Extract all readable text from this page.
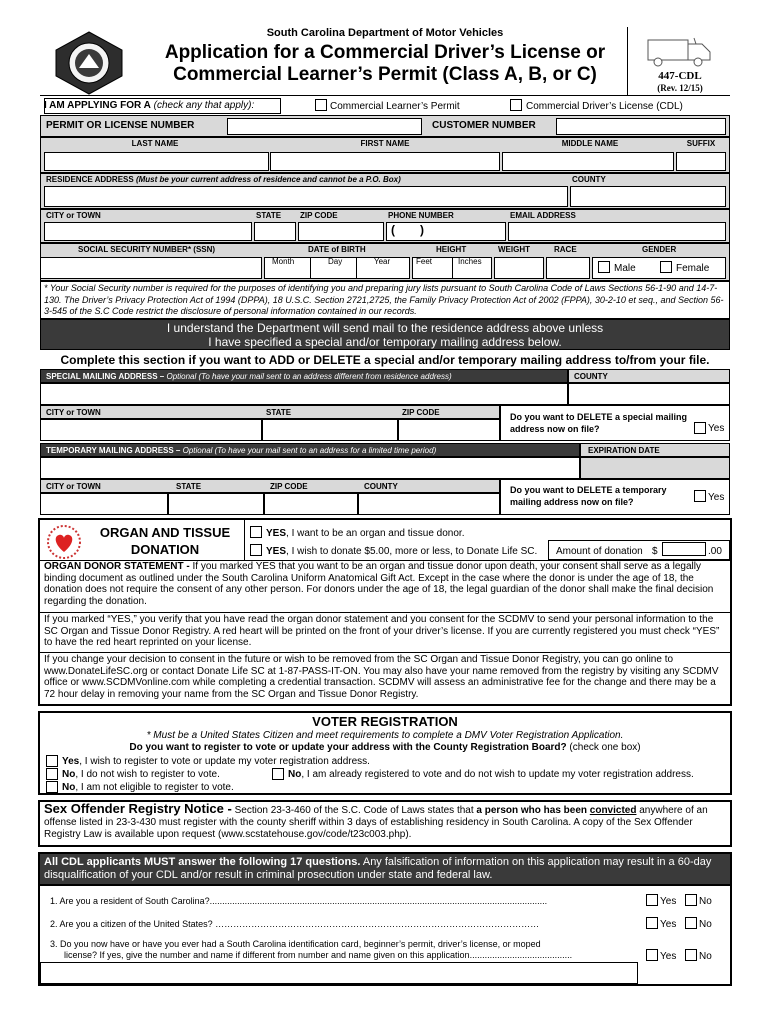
South Carolina Department of Motor Vehicles
Application for a Commercial Driver’s License or
Commercial Learner’s Permit (Class A, B, or C)	447-CDL
(Rev. 12/15)
I AM APPLYING FOR A (check any that apply):	Commercial Learner’s Permit	Commercial Driver’s License (CDL)
PERMIT OR LICENSE NUMBER	CUSTOMER NUMBER
LAST NAME	FIRST NAME	MIDDLE NAME	SUFFIX
RESIDENCE ADDRESS (Must be your current address of residence and cannot be a P.O. Box)	COUNTY
CITY or TOWN	STATE ZIP CODE	PHONE NUMBER	EMAIL ADDRESS
( )
SOCIAL SECURITY NUMBER* (SSN)	DATE of BIRTH	HEIGHT	WEIGHT	RACE	GENDER
Month	Day	Year	Feet	Inches
Male	Female
* Your Social Security number is required for the purposes of identifying you and preparing jury lists pursuant to South Carolina Code of Laws Sections 56-1-90 and 14-7-130. The Driver’s Privacy Protection Act of 1994 (DPPA), 18 U.S.C. Section 2721,2725, the Family Privacy Protection Act of 2002 (FPPA), 30-2-10 et seq., and Section 56-3-545 of the S.C Code restrict the disclosure of personal information contained in our records.
I understand the Department will send mail to the residence address above unless
I have specified a special and/or temporary mailing address below.
Complete this section if you want to ADD or DELETE a special and/or temporary mailing address to/from your file.
SPECIAL MAILING ADDRESS – Optional (To have your mail sent to an address different from residence address)	COUNTY
CITY or TOWN	STATE	ZIP CODE	Do you want to DELETE a special mailing address now on file?	Yes
TEMPORARY MAILING ADDRESS – Optional (To have your mail sent to an address for a limited time period)	EXPIRATION DATE
CITY or TOWN	STATE	ZIP CODE	COUNTY	Do you want to DELETE a temporary mailing address now on file?	Yes
ORGAN AND TISSUE
DONATION
YES, I want to be an organ and tissue donor.
YES, I wish to donate $5.00, more or less, to Donate Life SC. Amount of donation $	.00
ORGAN DONOR STATEMENT - If you marked YES that you want to be an organ and tissue donor upon death, your consent shall serve as a legally binding document as outlined under the South Carolina Uniform Anatomical Gift Act. Except in the case where the donor is under the age of 18, the donation does not require the consent of any other person. For donors under the age of 18, the legal guardian of the donor shall make the final decision regarding the donation.
If you marked “YES,” you verify that you have read the organ donor statement and you consent for the SCDMV to send your personal information to the SC Organ and Tissue Donor Registry. A red heart will be printed on the front of your driver’s license. If you are currently registered you must check “YES” to have the red heart reprinted on your license.
If you change your decision to consent in the future or wish to be removed from the SC Organ and Tissue Donor Registry, you can go online to www.DonateLifeSC.org or contact Donate Life SC at 1-87-PASS-IT-ON. You may also have your name removed from the registry by visiting any SCDMV office or www.SCDMVonline.com while completing a credential transaction. SCDMV will assess an administrative fee for the change and there may be a 72 hour delay in removing your name from the SC Organ and Tissue Donor Registry.
VOTER REGISTRATION
* Must be a United States Citizen and meet requirements to complete a DMV Voter Registration Application.
Do you want to register to vote or update your address with the County Registration Board? (check one box)
Yes, I wish to register to vote or update my voter registration address.
No, I do not wish to register to vote.	No, I am already registered to vote and do not wish to update my voter registration address.
No, I am not eligible to register to vote.
Sex Offender Registry Notice - Section 23-3-460 of the S.C. Code of Laws states that a person who has been convicted anywhere of an offense listed in 23-3-430 must register with the county sheriff within 3 days of establishing residency in South Carolina. A copy of the Sex Offender Registry Law is available upon request (www.scstatehouse.gov/code/t23c003.php).
All CDL applicants MUST answer the following 17 questions. Any falsification of information on this application may result in a 60-day disqualification of your CDL and/or result in criminal prosecution under state and federal law.
1. Are you a resident of South Carolina?.......................................................................................................................................	Yes No
2. Are you a citizen of the United States? ………………………………………………………………………………………………	Yes No
3. Do you now have or have you ever had a South Carolina identification card, beginner’s permit, driver’s license, or moped
license? If yes, give the number and name if different from number and name given on this application.........................................	Yes No
